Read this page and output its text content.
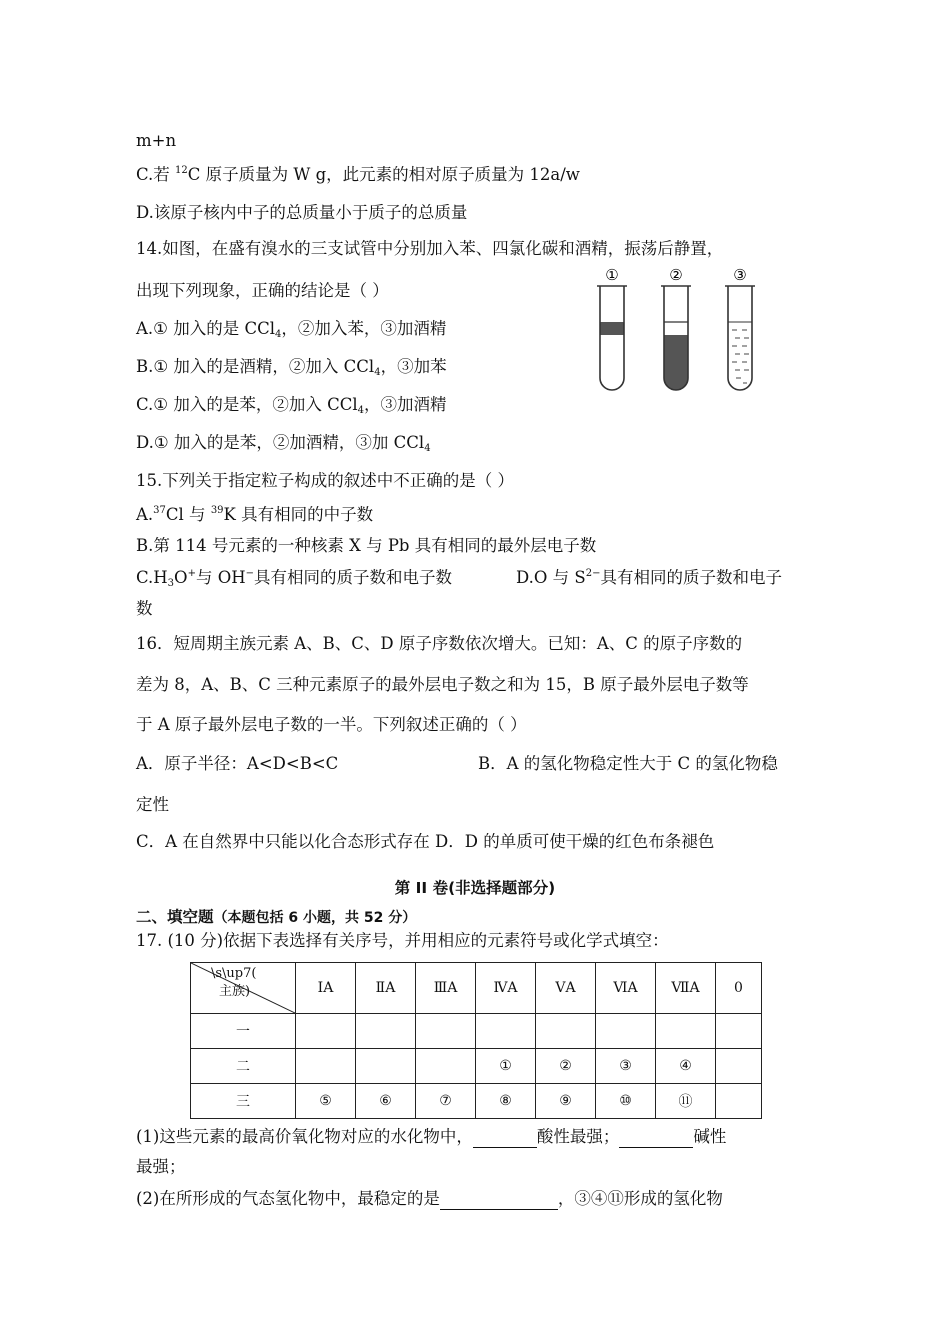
m+n
C.若 $^{12}$C 原子质量为 W g，此元素的相对原子质量为 12a/w
D.该原子核内中子的总质量小于质子的总质量
14.如图，在盛有溴水的三支试管中分别加入苯、四氯化碳和酒精，振荡后静置，
出现下列现象，正确的结论是（ ）
A.① 加入的是 CCl$_4$，②加入苯，③加酒精
B.① 加入的是酒精，②加入 CCl$_4$，③加苯
C.① 加入的是苯，②加入 CCl$_4$，③加酒精
D.① 加入的是苯，②加酒精，③加 CCl$_4$
①	②	③
15.下列关于指定粒子构成的叙述中不正确的是（ ）
A.$^{37}$Cl 与 $^{39}$K 具有相同的中子数
B.第 114 号元素的一种核素 X 与 Pb 具有相同的最外层电子数
$C.H_3O^+$与 OH−具有相同的质子数和电子数	D.O 与 $S^{2-}$具有相同的质子数和电子
数
16．短周期主族元素 A、B、C、D 原子序数依次增大。已知：A、C 的原子序数的
差为 8，A、B、C 三种元素原子的最外层电子数之和为 15，B 原子最外层电子数等
于 A 原子最外层电子数的一半。下列叙述正确的（ ）
A．原子半径：A<D<B<C	B．A 的氢化物稳定性大于 C 的氢化物稳
定性
C．A 在自然界中只能以化合态形式存在 D．D 的单质可使干燥的红色布条褪色
第 II 卷(非选择题部分)
二、填空题（本题包括 6 小题，共 52 分）
17. (10 分)依据下表选择有关序号，并用相应的元素符号或化学式填空：
\s\up7(
主族)	ⅠA	ⅡA	ⅢA	ⅣA	ⅤA	ⅥA	ⅦA	0
一								
二				①	②	③	④	
三	⑤	⑥	⑦	⑧	⑨	⑩	⑪	
(1)这些元素的最高价氧化物对应的水化物中，	酸性最强；	碱性
最强；
(2)在所形成的气态氢化物中，最稳定的是	，③④⑪形成的氢化物
